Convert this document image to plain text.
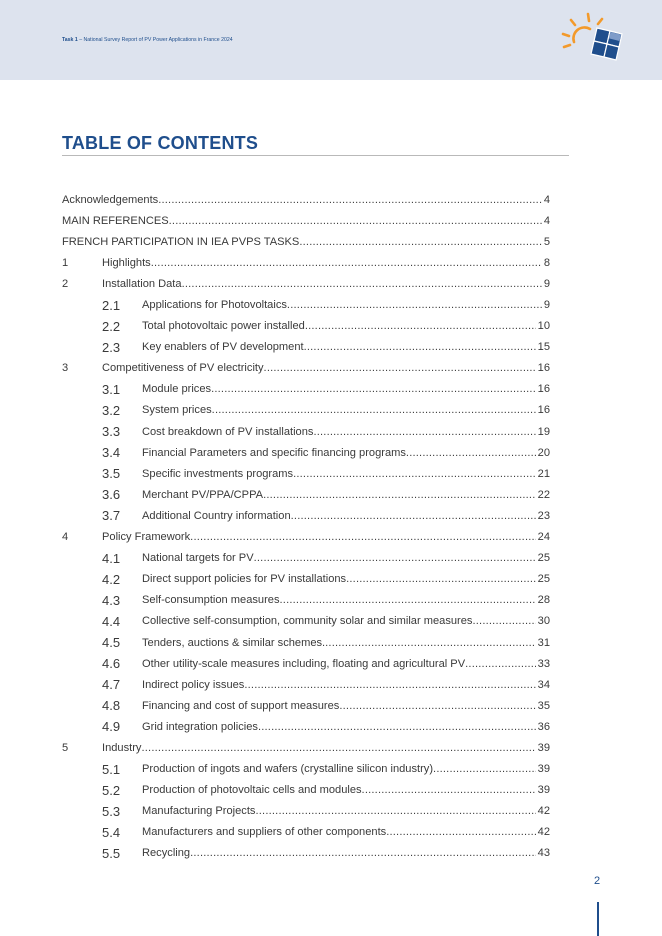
Task 1 – National Survey Report of PV Power Applications in France 2024
TABLE OF CONTENTS
Acknowledgements .....	4
MAIN REFERENCES .....	4
FRENCH PARTICIPATION IN IEA PVPS TASKS .....	5
1	Highlights .....	8
2	Installation Data .....	9
2.1	Applications for Photovoltaics .....	9
2.2	Total photovoltaic power installed .....	10
2.3	Key enablers of PV development .....	15
3	Competitiveness of PV electricity .....	16
3.1	Module prices .....	16
3.2	System prices .....	16
3.3	Cost breakdown of PV installations .....	19
3.4	Financial Parameters and specific financing programs .....	20
3.5	Specific investments programs .....	21
3.6	Merchant PV/PPA/CPPA .....	22
3.7	Additional Country information .....	23
4	Policy Framework .....	24
4.1	National targets for PV .....	25
4.2	Direct support policies for PV installations .....	25
4.3	Self-consumption measures .....	28
4.4	Collective self-consumption, community solar and similar measures .....	30
4.5	Tenders, auctions & similar schemes. .....	31
4.6	Other utility-scale measures including, floating and agricultural PV .....	33
4.7	Indirect policy issues .....	34
4.8	Financing and cost of support measures .....	35
4.9	Grid integration policies .....	36
5	Industry .....	39
5.1	Production of ingots and wafers (crystalline silicon industry) .....	39
5.2	Production of photovoltaic cells and modules .....	39
5.3	Manufacturing Projects .....	42
5.4	Manufacturers and suppliers of other components .....	42
5.5	Recycling .....	43
2
